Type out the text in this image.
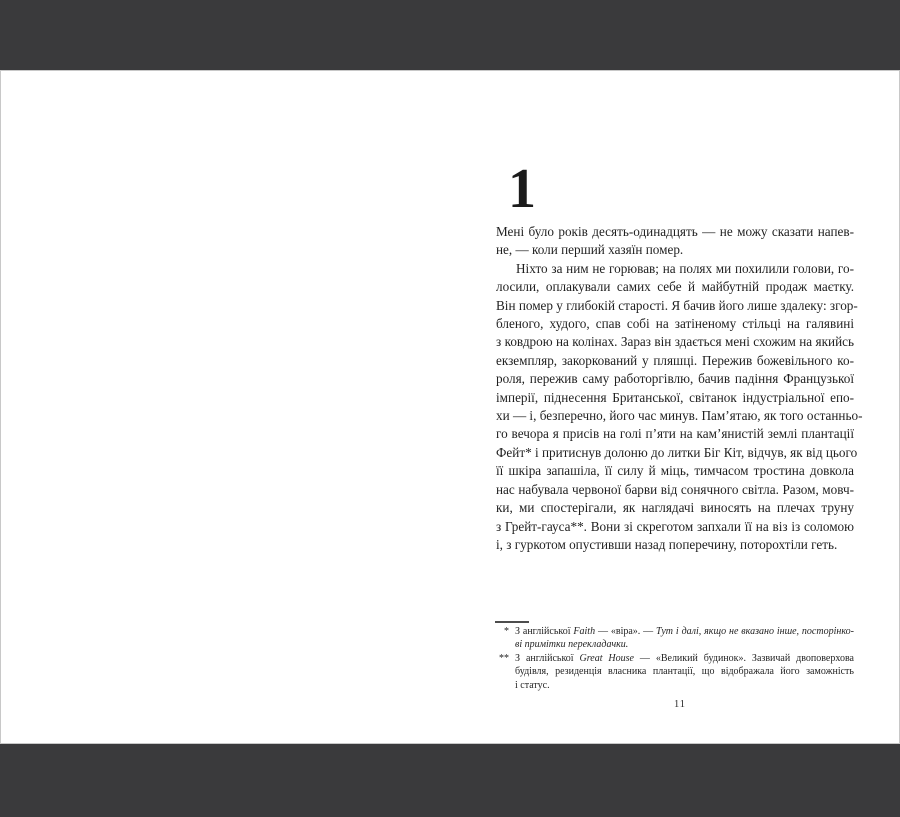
1
Мені було років десять-одинадцять — не можу сказати напев-
не, — коли перший хазяїн помер.
Ніхто за ним не горював; на полях ми похилили голови, го-
лосили, оплакували самих себе й майбутній продаж маєтку.
Він помер у глибокій старості. Я бачив його лише здалеку: згор-
бленого, худого, спав собі на затіненому стільці на галявині
з ковдрою на колінах. Зараз він здається мені схожим на якийсь
екземпляр, закоркований у пляшці. Пережив божевільного ко-
роля, пережив саму работоргівлю, бачив падіння Французької
імперії, піднесення Британської, світанок індустріальної епо-
хи — і, безперечно, його час минув. Пам’ятаю, як того останньо-
го вечора я присів на голі п’яти на кам’янистій землі плантації
Фейт* і притиснув долоню до литки Біг Кіт, відчув, як від цього
її шкіра запашіла, її силу й міць, тимчасом тростина довкола
нас набувала червоної барви від сонячного світла. Разом, мовч-
ки, ми спостерігали, як наглядачі виносять на плечах труну
з Грейт-гауса**. Вони зі скреготом запхали її на віз із соломою
і, з гуркотом опустивши назад поперечину, поторохтіли геть.
* З англійської Faith — «віра». — Тут і далі, якщо не вказано інше, посторінко-
ві примітки перекладачки.
** З англійської Great House — «Великий будинок». Зазвичай двоповерхова
будівля, резиденція власника плантації, що відображала його заможність
і статус.
11
